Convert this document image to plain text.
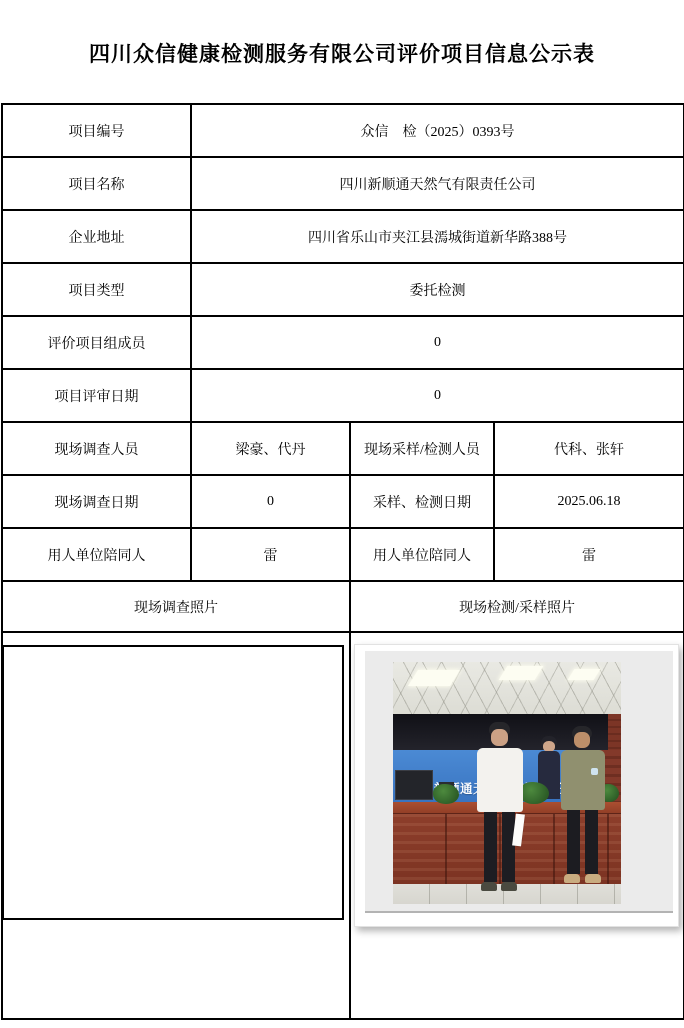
四川众信健康检测服务有限公司评价项目信息公示表
项目编号	众信　检（2025）0393号		
项目名称	四川新顺通天然气有限责任公司		
企业地址	四川省乐山市夹江县漹城街道新华路388号		
项目类型	委托检测		
评价项目组成员	0		
项目评审日期	0		
现场调查人员	梁豪、代丹	现场采样/检测人员	代科、张轩
现场调查日期	0	采样、检测日期	2025.06.18
用人单位陪同人	雷	用人单位陪同人	雷
现场调查照片		现场检测/采样照片	
